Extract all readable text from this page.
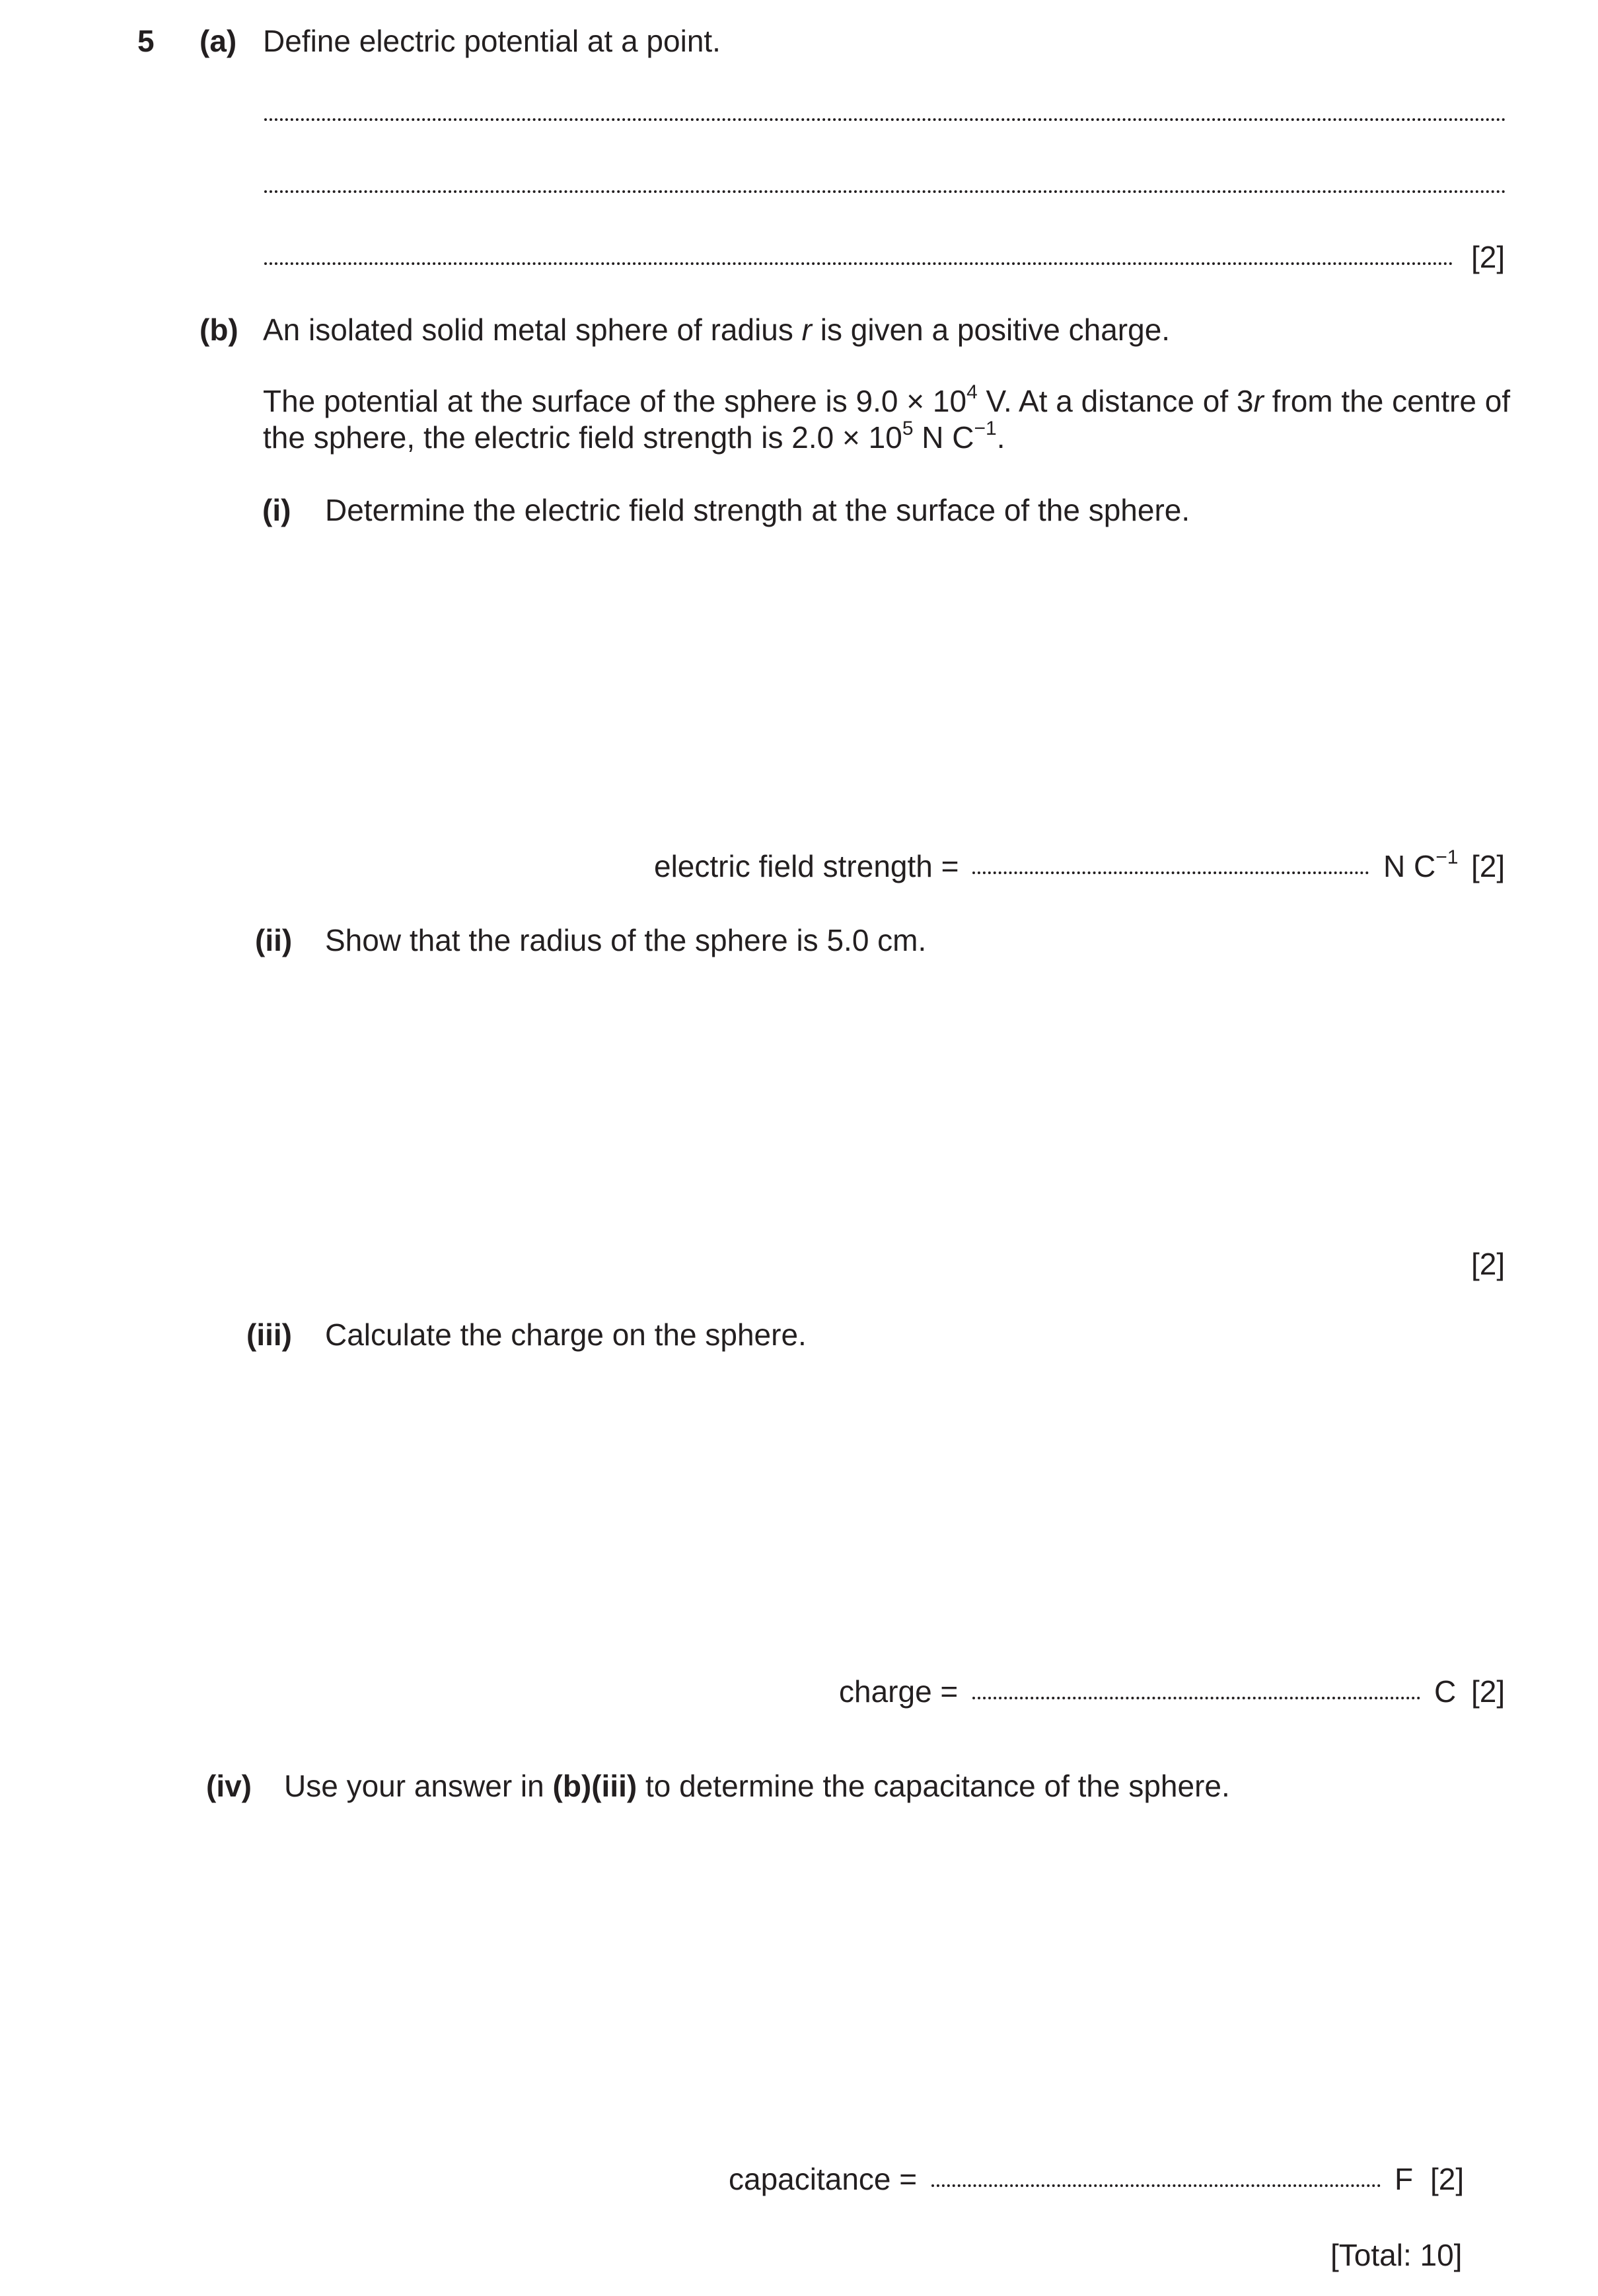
5 (a) Define electric potential at a point.
[2]
(b) An isolated solid metal sphere of radius r is given a positive charge.
The potential at the surface of the sphere is $9.0 \times 10^4$ V. At a distance of 3r from the centre of
the sphere, the electric field strength is $2.0 \times 10^5$ N $C^{-1}$.
(i) Determine the electric field strength at the surface of the sphere.
electric field strength =	N $C^{-1}$ [2]
(ii) Show that the radius of the sphere is 5.0 cm.
[2]
(iii) Calculate the charge on the sphere.
charge =	C [2]
(iv) Use your answer in (b)(iii) to determine the capacitance of the sphere.
capacitance =	F [2]
[Total: 10]
